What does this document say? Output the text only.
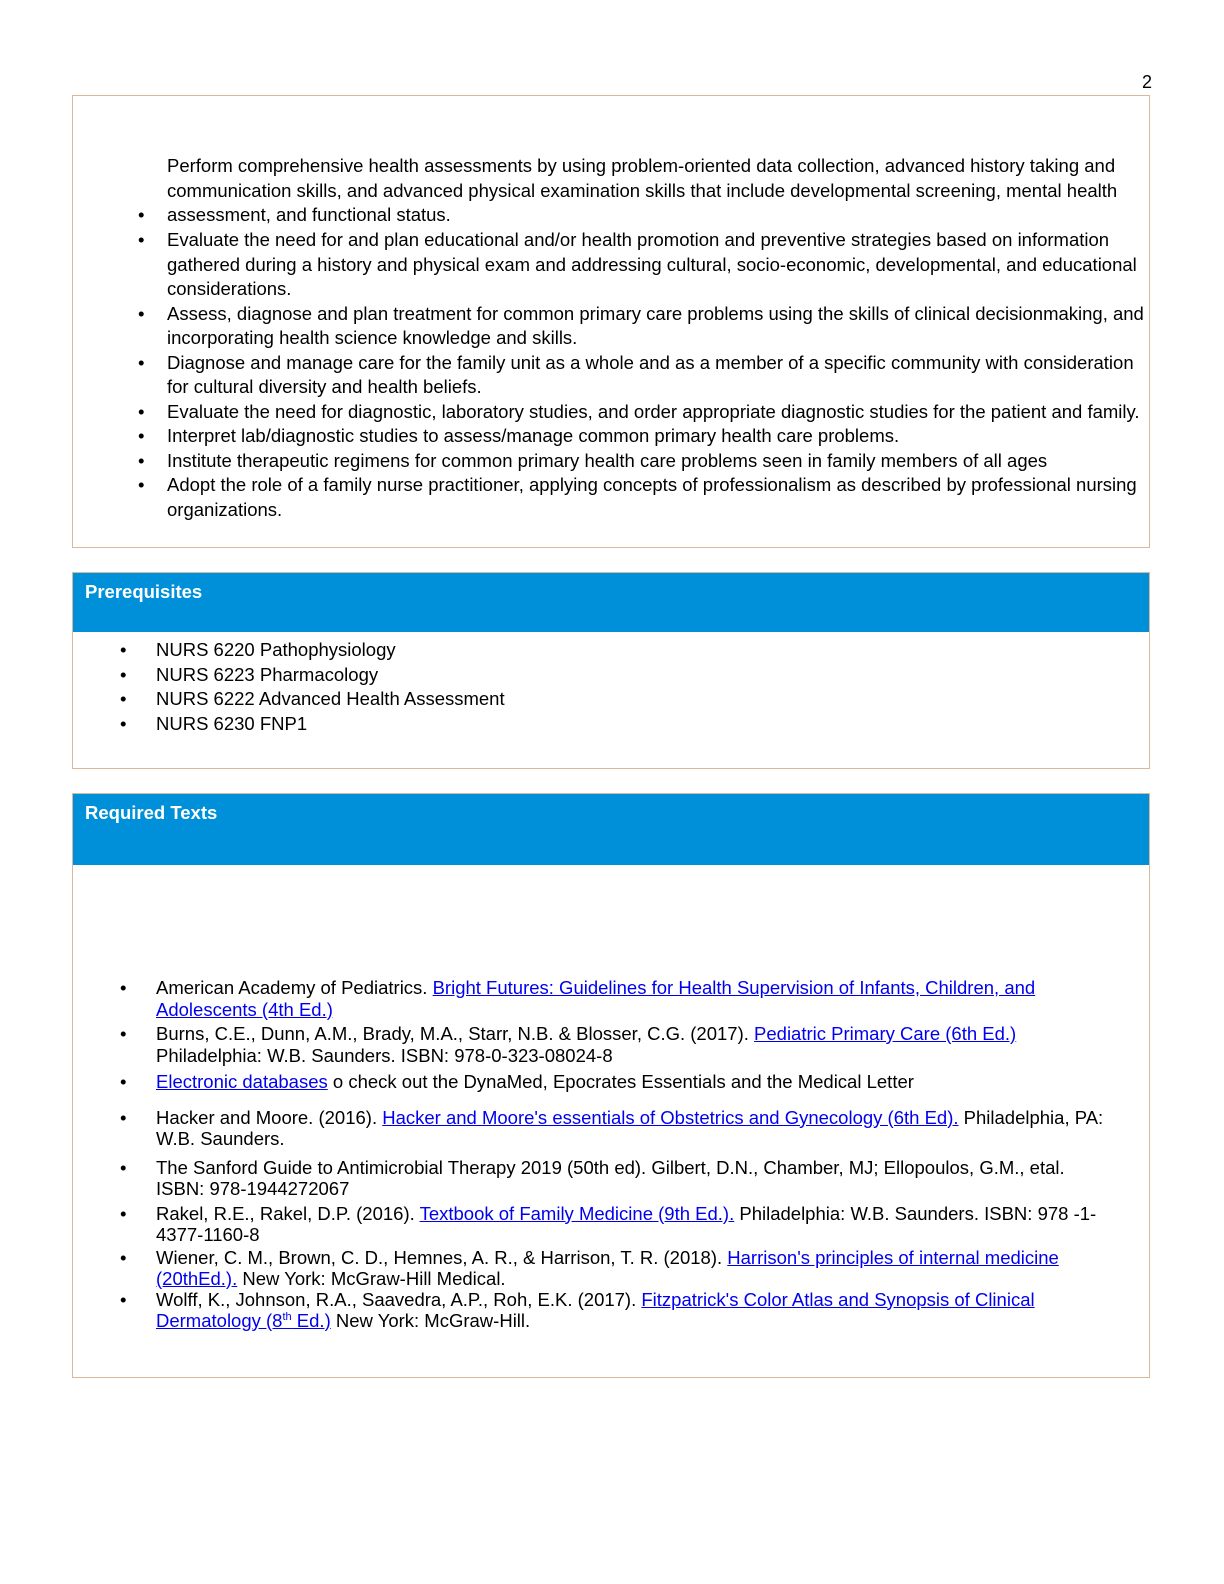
2
•
Perform comprehensive health assessments by using problem-oriented data collection, advanced history taking and communication skills, and advanced physical examination skills that include developmental screening, mental health assessment, and functional status.
• Evaluate the need for and plan educational and/or health promotion and preventive strategies based on information gathered during a history and physical exam and addressing cultural, socio-economic, developmental, and educational considerations.
• Assess, diagnose and plan treatment for common primary care problems using the skills of clinical decisionmaking, and incorporating health science knowledge and skills.
• Diagnose and manage care for the family unit as a whole and as a member of a specific community with consideration for cultural diversity and health beliefs.
• Evaluate the need for diagnostic, laboratory studies, and order appropriate diagnostic studies for the patient and family.
• Interpret lab/diagnostic studies to assess/manage common primary health care problems.
• Institute therapeutic regimens for common primary health care problems seen in family members of all ages
• Adopt the role of a family nurse practitioner, applying concepts of professionalism as described by professional nursing organizations.
Prerequisites
• NURS 6220 Pathophysiology
• NURS 6223 Pharmacology
• NURS 6222 Advanced Health Assessment
• NURS 6230 FNP1
Required Texts
• American Academy of Pediatrics. Bright Futures: Guidelines for Health Supervision of Infants, Children, and Adolescents (4th Ed.)
• Burns, C.E., Dunn, A.M., Brady, M.A., Starr, N.B. & Blosser, C.G. (2017). Pediatric Primary Care (6th Ed.) Philadelphia: W.B. Saunders. ISBN: 978-0-323-08024-8
• Electronic databases o check out the DynaMed, Epocrates Essentials and the Medical Letter
• Hacker and Moore. (2016). Hacker and Moore's essentials of Obstetrics and Gynecology (6th Ed). Philadelphia, PA: W.B. Saunders.
• The Sanford Guide to Antimicrobial Therapy 2019 (50th ed). Gilbert, D.N., Chamber, MJ; Ellopoulos, G.M., etal. ISBN: 978-1944272067
• Rakel, R.E., Rakel, D.P. (2016). Textbook of Family Medicine (9th Ed.). Philadelphia: W.B. Saunders. ISBN: 978 -1-4377-1160-8
• Wiener, C. M., Brown, C. D., Hemnes, A. R., & Harrison, T. R. (2018). Harrison's principles of internal medicine (20thEd.). New York: McGraw-Hill Medical.
• Wolff, K., Johnson, R.A., Saavedra, A.P., Roh, E.K. (2017). Fitzpatrick's Color Atlas and Synopsis of Clinical Dermatology (8th Ed.) New York: McGraw-Hill.
